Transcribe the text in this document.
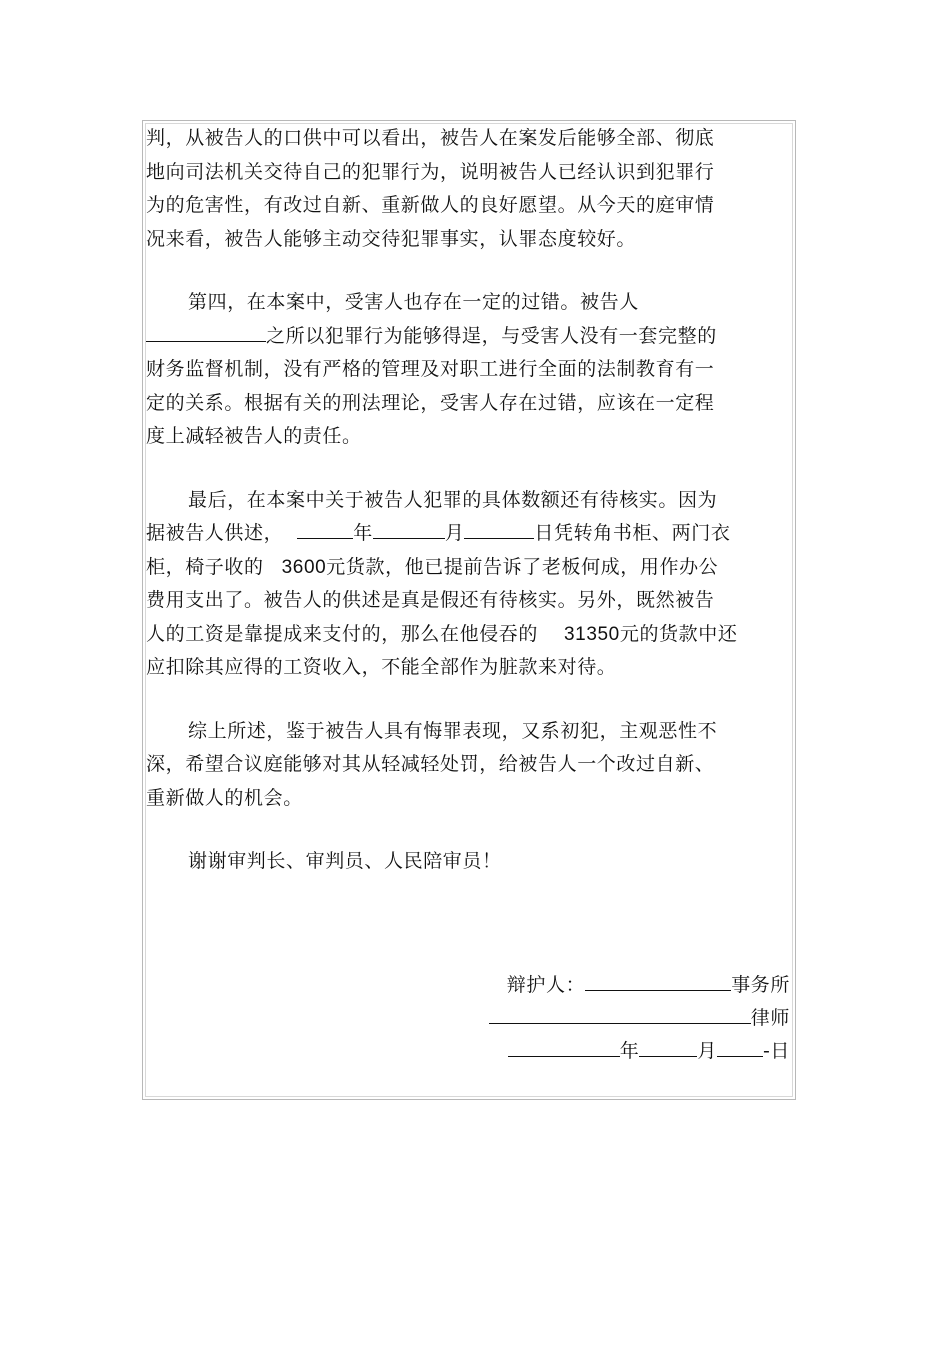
判，从被告人的口供中可以看出，被告人在案发后能够全部、彻底
地向司法机关交待自己的犯罪行为，说明被告人已经认识到犯罪行
为的危害性，有改过自新、重新做人的良好愿望。从今天的庭审情
况来看，被告人能够主动交待犯罪事实，认罪态度较好。
第四，在本案中，受害人也存在一定的过错。被告人
之所以犯罪行为能够得逞，与受害人没有一套完整的
财务监督机制，没有严格的管理及对职工进行全面的法制教育有一
定的关系。根据有关的刑法理论，受害人存在过错，应该在一定程
度上减轻被告人的责任。
最后，在本案中关于被告人犯罪的具体数额还有待核实。因为
据被告人供述，	年	月	日凭转角书柜、两门衣
柜，椅子收的 3600元货款，他已提前告诉了老板何成，用作办公
费用支出了。被告人的供述是真是假还有待核实。另外，既然被告
人的工资是靠提成来支付的，那么在他侵吞的 31350元的货款中还
应扣除其应得的工资收入，不能全部作为脏款来对待。
综上所述，鉴于被告人具有悔罪表现，又系初犯，主观恶性不
深，希望合议庭能够对其从轻减轻处罚，给被告人一个改过自新、
重新做人的机会。
谢谢审判长、审判员、人民陪审员！
辩护人：	事务所
律师
年	月 -日
